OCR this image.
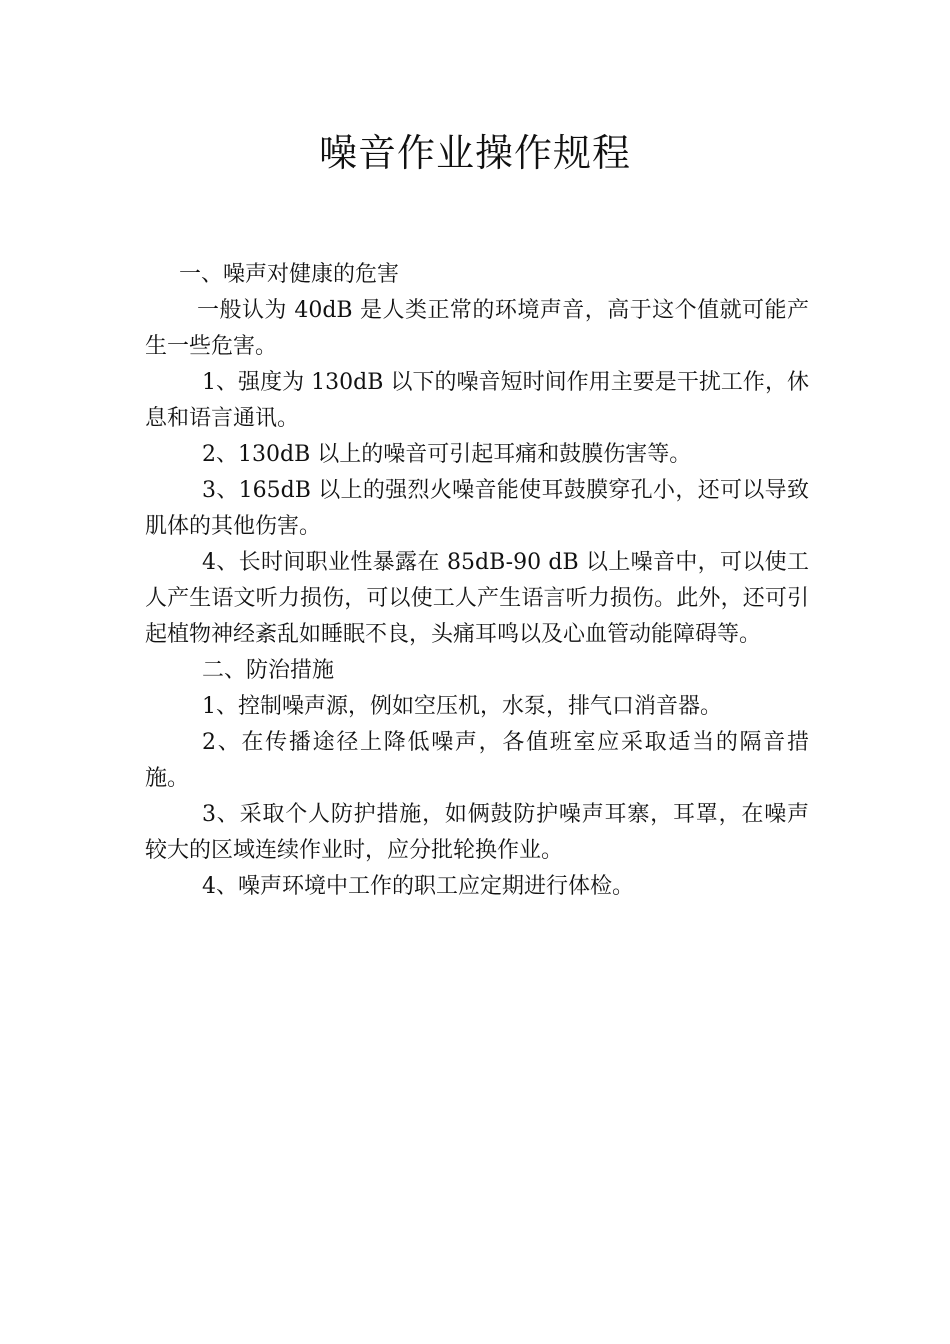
噪音作业操作规程

一、噪声对健康的危害

一般认为 40dB 是人类正常的环境声音，高于这个值就可能产生一些危害。

1、强度为 130dB 以下的噪音短时间作用主要是干扰工作，休息和语言通讯。

2、130dB 以上的噪音可引起耳痛和鼓膜伤害等。

3、165dB 以上的强烈火噪音能使耳鼓膜穿孔小，还可以导致肌体的其他伤害。

4、长时间职业性暴露在 85dB-90 dB 以上噪音中，可以使工人产生语文听力损伤，可以使工人产生语言听力损伤。此外，还可引起植物神经紊乱如睡眠不良，头痛耳鸣以及心血管动能障碍等。

二、防治措施

1、控制噪声源，例如空压机，水泵，排气口消音器。

2、在传播途径上降低噪声，各值班室应采取适当的隔音措施。

3、采取个人防护措施，如俩鼓防护噪声耳寨，耳罩，在噪声较大的区域连续作业时，应分批轮换作业。

4、噪声环境中工作的职工应定期进行体检。
